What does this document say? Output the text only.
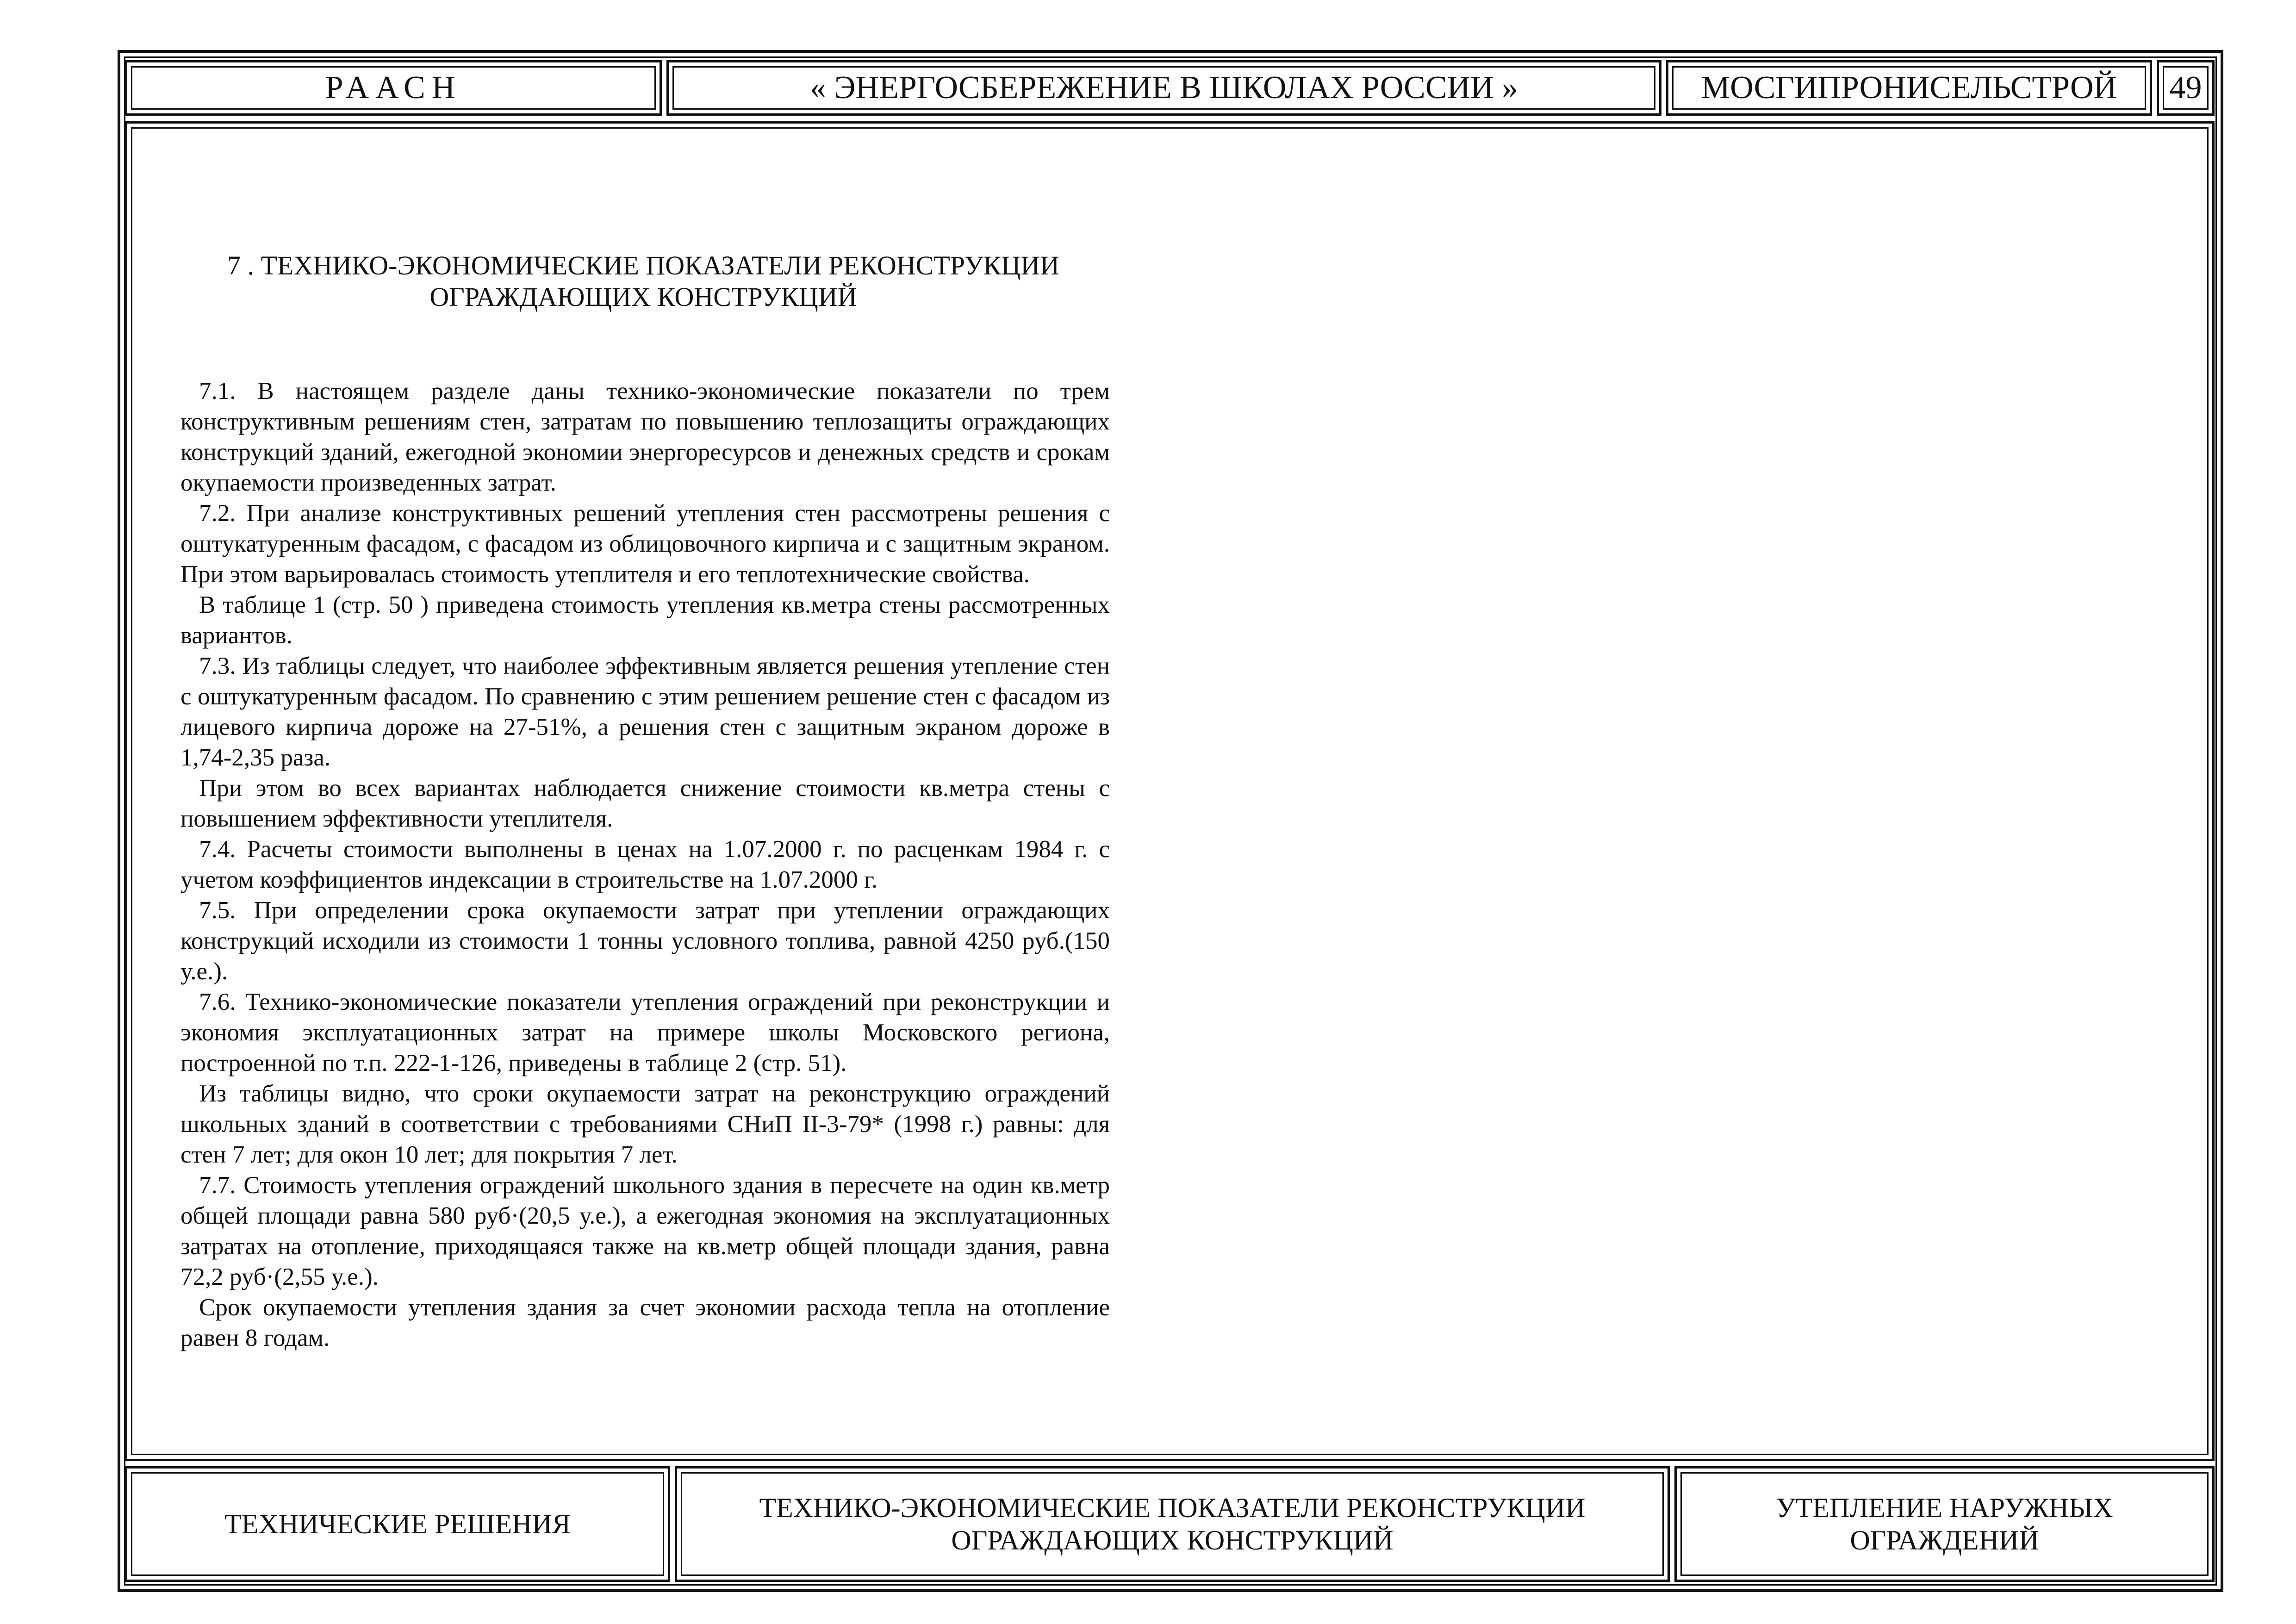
РААСН	« ЭНЕРГОСБЕРЕЖЕНИЕ В ШКОЛАХ РОССИИ »	МОСГИПРОНИСЕЛЬСТРОЙ	49
7 . ТЕХНИКО-ЭКОНОМИЧЕСКИЕ ПОКАЗАТЕЛИ РЕКОНСТРУКЦИИ
ОГРАЖДАЮЩИХ КОНСТРУКЦИЙ

7.1. В настоящем разделе даны технико-экономические показатели по трем конструктивным решениям стен, затратам по повышению теплозащиты ограждающих конструкций зданий, ежегодной экономии энергоресурсов и денежных средств и срокам окупаемости произведенных затрат.

7.2. При анализе конструктивных решений утепления стен рассмотрены решения с оштукатуренным фасадом, с фасадом из облицовочного кирпича и с защитным экраном. При этом варьировалась стоимость утеплителя и его теплотехнические свойства.

В таблице 1 (стр. 50 ) приведена стоимость утепления кв.метра стены рассмотренных вариантов.

7.3. Из таблицы следует, что наиболее эффективным является решения утепление стен с оштукатуренным фасадом. По сравнению с этим решением решение стен с фасадом из лицевого кирпича дороже на 27-51%, а решения стен с защитным экраном дороже в 1,74-2,35 раза.

При этом во всех вариантах наблюдается снижение стоимости кв.метра стены с повышением эффективности утеплителя.

7.4. Расчеты стоимости выполнены в ценах на 1.07.2000 г. по расценкам 1984 г. с учетом коэффициентов индексации в строительстве на 1.07.2000 г.

7.5. При определении срока окупаемости затрат при утеплении ограждающих конструкций исходили из стоимости 1 тонны условного топлива, равной 4250 руб.(150 у.е.).

7.6. Технико-экономические показатели утепления ограждений при реконструкции и экономия эксплуатационных затрат на примере школы Московского региона, построенной по т.п. 222-1-126, приведены в таблице 2 (стр. 51).

Из таблицы видно, что сроки окупаемости затрат на реконструкцию ограждений школьных зданий в соответствии с требованиями СНиП II-3-79* (1998 г.) равны: для стен 7 лет; для окон 10 лет; для покрытия 7 лет.

7.7. Стоимость утепления ограждений школьного здания в пересчете на один кв.метр общей площади равна 580 руб·(20,5 у.е.), а ежегодная экономия на эксплуатационных затратах на отопление, приходящаяся также на кв.метр общей площади здания, равна 72,2 руб·(2,55 у.е.).

Срок окупаемости утепления здания за счет экономии расхода тепла на отопление равен 8 годам.

ТЕХНИЧЕСКИЕ РЕШЕНИЯ
ТЕХНИКО-ЭКОНОМИЧЕСКИЕ ПОКАЗАТЕЛИ РЕКОНСТРУКЦИИ ОГРАЖДАЮЩИХ КОНСТРУКЦИЙ
УТЕПЛЕНИЕ НАРУЖНЫХ ОГРАЖДЕНИЙ
